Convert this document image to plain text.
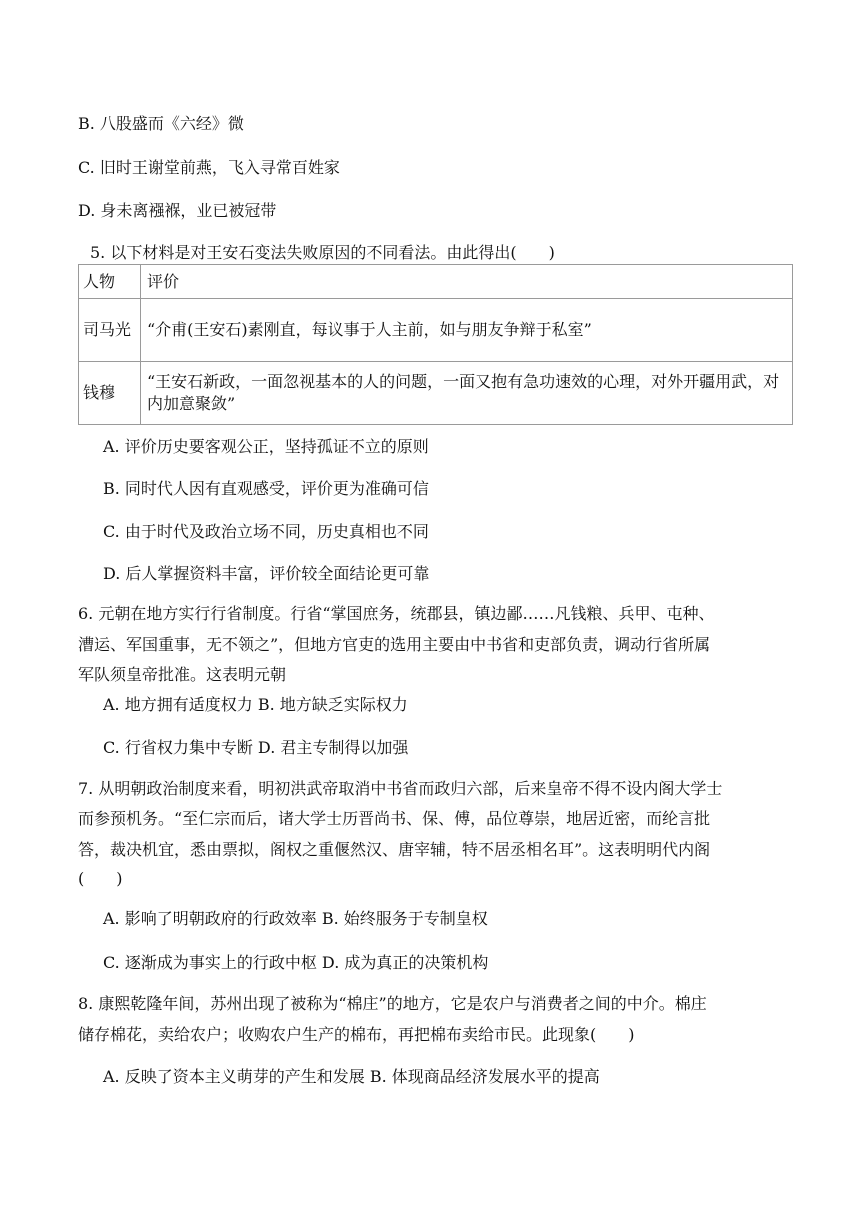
B. 八股盛而《六经》微
C. 旧时王谢堂前燕，飞入寻常百姓家
D. 身未离襁褓，业已被冠带
5. 以下材料是对王安石变法失败原因的不同看法。由此得出(　　)
人物	评价
司马光	“介甫(王安石)素刚直，每议事于人主前，如与朋友争辩于私室”
钱穆	“王安石新政，一面忽视基本的人的问题，一面又抱有急功速效的心理，对外开疆用武，对内加意聚敛”
A. 评价历史要客观公正，坚持孤证不立的原则
B. 同时代人因有直观感受，评价更为准确可信
C. 由于时代及政治立场不同，历史真相也不同
D. 后人掌握资料丰富，评价较全面结论更可靠
6. 元朝在地方实行行省制度。行省“掌国庶务，统郡县，镇边鄙……凡钱粮、兵甲、屯种、
漕运、军国重事，无不领之”，但地方官吏的选用主要由中书省和吏部负责，调动行省所属
军队须皇帝批准。这表明元朝
A. 地方拥有适度权力 B. 地方缺乏实际权力
C. 行省权力集中专断 D. 君主专制得以加强
7. 从明朝政治制度来看，明初洪武帝取消中书省而政归六部，后来皇帝不得不设内阁大学士
而参预机务。“至仁宗而后，诸大学士历晋尚书、保、傅，品位尊崇，地居近密，而纶言批
答，裁决机宜，悉由票拟，阁权之重偃然汉、唐宰辅，特不居丞相名耳”。这表明明代内阁
(　　)
A. 影响了明朝政府的行政效率 B. 始终服务于专制皇权
C. 逐渐成为事实上的行政中枢 D. 成为真正的决策机构
8. 康熙乾隆年间，苏州出现了被称为“棉庄”的地方，它是农户与消费者之间的中介。棉庄
储存棉花，卖给农户；收购农户生产的棉布，再把棉布卖给市民。此现象(　　)
A. 反映了资本主义萌芽的产生和发展 B. 体现商品经济发展水平的提高
